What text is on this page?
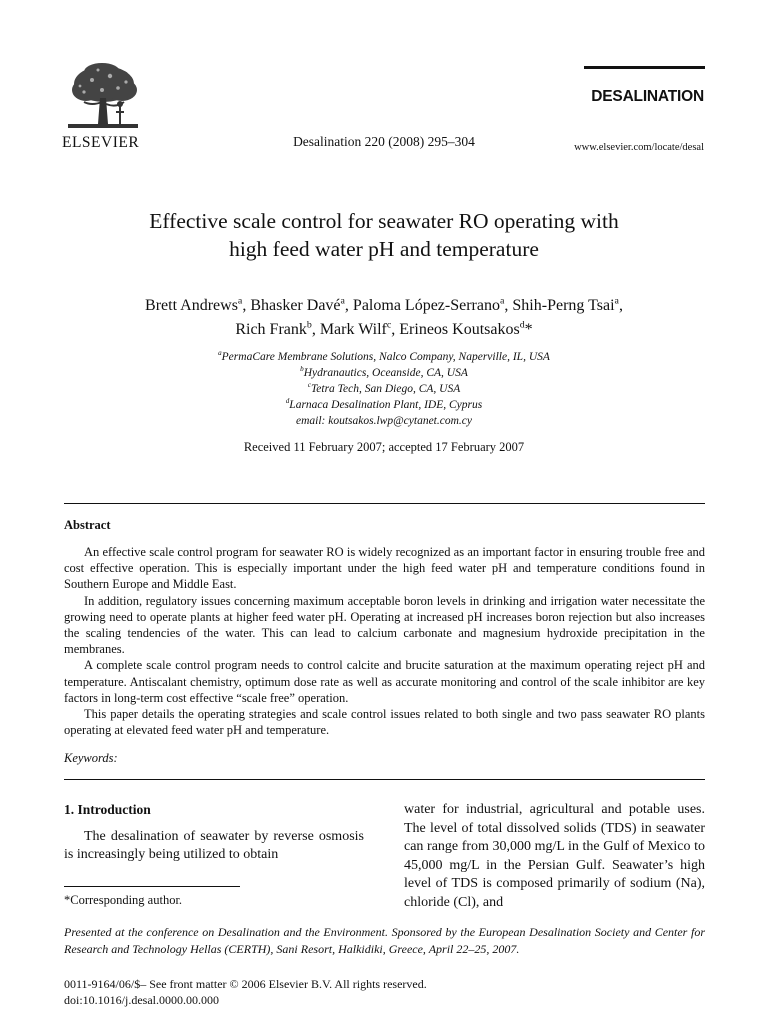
ELSEVIER	Desalination 220 (2008) 295–304
DESALINATION
www.elsevier.com/locate/desal
Effective scale control for seawater RO operating with
high feed water pH and temperature
Brett Andrews$^a$, Bhasker Davé$^a$, Paloma López-Serrano$^a$, Shih-Perng Tsai$^a$,
Rich Frank$^b$, Mark Wilf$^c$, Erineos Koutsakos$^d$*
$^a$PermaCare Membrane Solutions, Nalco Company, Naperville, IL, USA
$^b$Hydranautics, Oceanside, CA, USA
$^c$Tetra Tech, San Diego, CA, USA
$^d$Larnaca Desalination Plant, IDE, Cyprus
email: koutsakos.lwp@cytanet.com.cy
Received 11 February 2007; accepted 17 February 2007
Abstract

An effective scale control program for seawater RO is widely recognized as an important factor in ensuring trouble free and cost effective operation. This is especially important under the high feed water pH and temperature conditions found in Southern Europe and Middle East.

In addition, regulatory issues concerning maximum acceptable boron levels in drinking and irrigation water necessitate the growing need to operate plants at higher feed water pH. Operating at increased pH increases boron rejection but also increases the scaling tendencies of the water. This can lead to calcium carbonate and magnesium hydroxide precipitation in the membranes.

A complete scale control program needs to control calcite and brucite saturation at the maximum operating reject pH and temperature. Antiscalant chemistry, optimum dose rate as well as accurate monitoring and control of the scale inhibitor are key factors in long-term cost effective “scale free” operation.

This paper details the operating strategies and scale control issues related to both single and two pass seawater RO plants operating at elevated feed water pH and temperature.

Keywords:
1. Introduction

The desalination of seawater by reverse osmosis is increasingly being utilized to obtain

water for industrial, agricultural and potable uses. The level of total dissolved solids (TDS) in seawater can range from 30,000 mg/L in the Gulf of Mexico to 45,000 mg/L in the Persian Gulf. Seawater’s high level of TDS is composed primarily of sodium (Na), chloride (Cl), and

*Corresponding author.
Presented at the conference on Desalination and the Environment. Sponsored by the European Desalination Society and Center for Research and Technology Hellas (CERTH), Sani Resort, Halkidiki, Greece, April 22–25, 2007.
0011-9164/06/$– See front matter © 2006 Elsevier B.V. All rights reserved.
doi:10.1016/j.desal.0000.00.000
